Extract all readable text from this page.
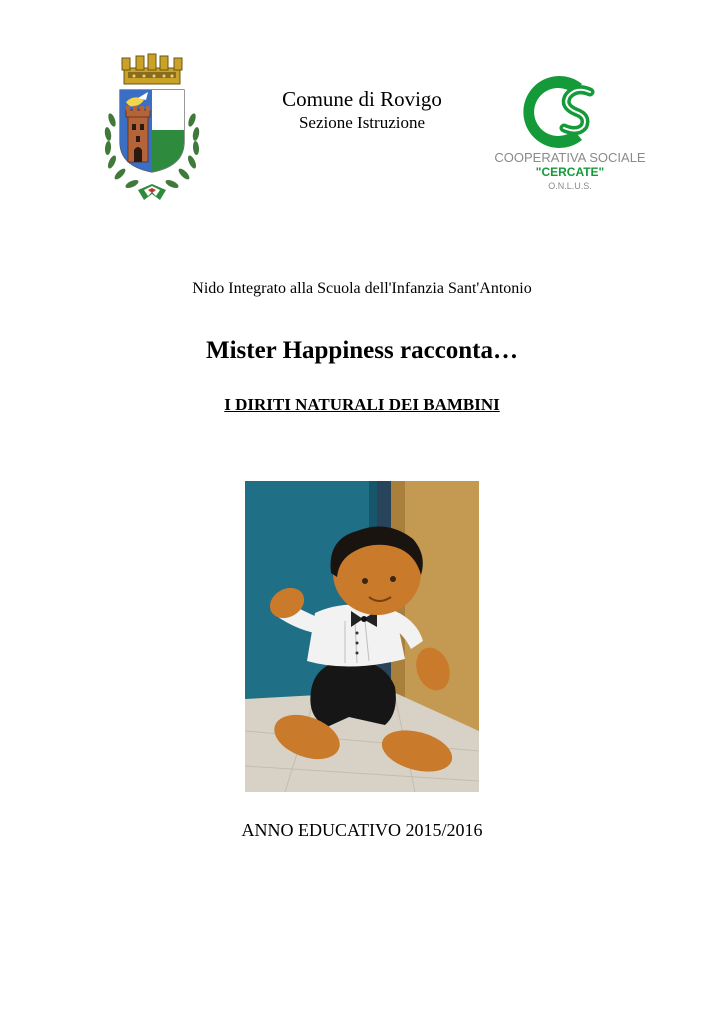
Comune di Rovigo
Sezione Istruzione
COOPERATIVA SOCIALE
"CERCATE"
O.N.L.U.S.
Nido Integrato alla Scuola dell'Infanzia Sant'Antonio
Mister Happiness racconta…
I DIRITI NATURALI DEI BAMBINI
ANNO EDUCATIVO 2015/2016
